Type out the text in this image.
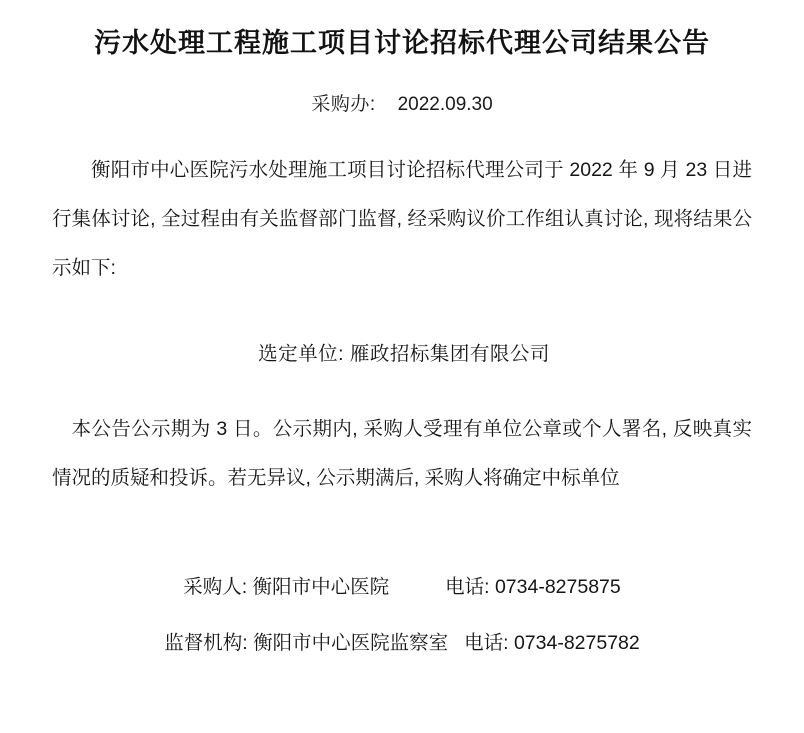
污水处理工程施工项目讨论招标代理公司结果公告
采购办: 2022.09.30

衡阳市中心医院污水处理施工项目讨论招标代理公司于 2022 年 9 月 23 日进行集体讨论, 全过程由有关监督部门监督, 经采购议价工作组认真讨论, 现将结果公示如下:

选定单位: 雁政招标集团有限公司

本公告公示期为 3 日。公示期内, 采购人受理有单位公章或个人署名, 反映真实情况的质疑和投诉。若无异议, 公示期满后, 采购人将确定中标单位

采购人: 衡阳市中心医院	电话: 0734-8275875
监督机构: 衡阳市中心医院监察室 电话: 0734-8275782
